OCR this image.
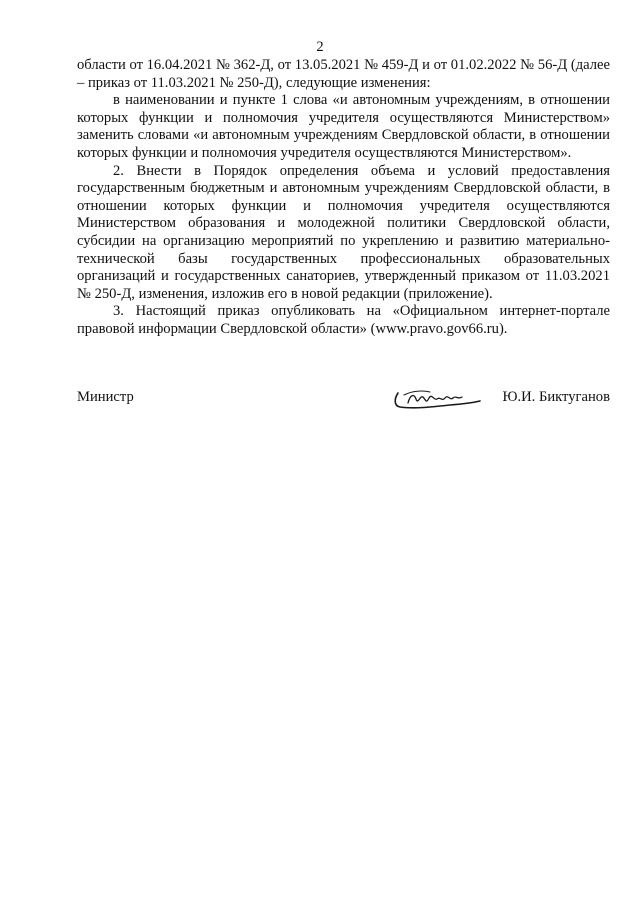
2

области от 16.04.2021 № 362-Д, от 13.05.2021 № 459-Д и от 01.02.2022 № 56-Д (далее – приказ от 11.03.2021 № 250-Д), следующие изменения:

в наименовании и пункте 1 слова «и автономным учреждениям, в отношении которых функции и полномочия учредителя осуществляются Министерством» заменить словами «и автономным учреждениям Свердловской области, в отношении которых функции и полномочия учредителя осуществляются Министерством».

2. Внести в Порядок определения объема и условий предоставления государственным бюджетным и автономным учреждениям Свердловской области, в отношении которых функции и полномочия учредителя осуществляются Министерством образования и молодежной политики Свердловской области, субсидии на организацию мероприятий по укреплению и развитию материально-технической базы государственных профессиональных образовательных организаций и государственных санаториев, утвержденный приказом от 11.03.2021 № 250-Д, изменения, изложив его в новой редакции (приложение).

3. Настоящий приказ опубликовать на «Официальном интернет-портале правовой информации Свердловской области» (www.pravo.gov66.ru).

Министр	Ю.И. Биктуганов
